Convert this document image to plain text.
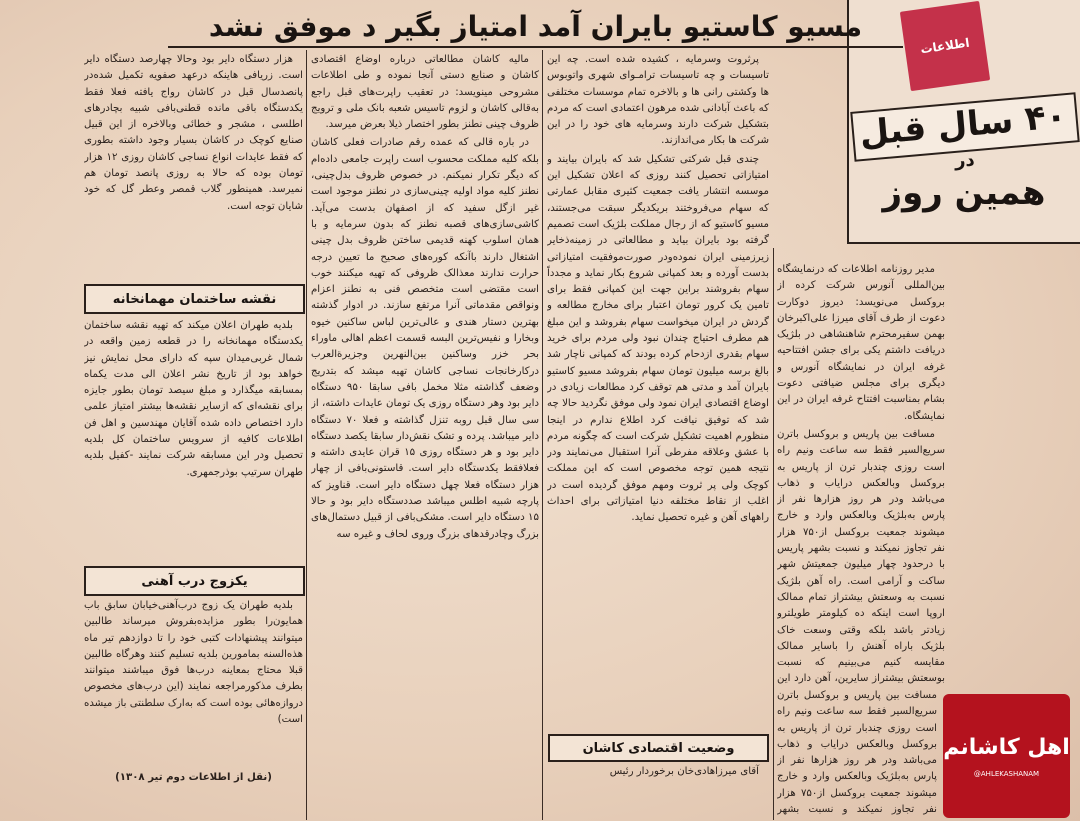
اطلاعات
۴۰ سال قبل
در
همین روز
مسیو کاستیو بایران آمد امتیاز بگیر د موفق نشد

مدیر روزنامه اطلاعات که درنمایشگاه بین‌المللی آنورس شرکت کرده از بروکسل می‌نویسد: دیروز دوکارت دعوت از طرف آقای میرزا علی‌اکبرخان بهمن سفیرمحترم شاهنشاهی در بلژیک دریافت داشتم یکی برای جشن افتتاحیه غرفه ایران در نمایشگاه آنورس و دیگری برای مجلس ضیافتی دعوت بشام بمناسبت افتتاح غرفه ایران در این نمایشگاه.

مسافت بین پاریس و بروکسل باترن سریع‌السیر فقط سه ساعت ونیم راه است روزی چندبار ترن از پاریس به بروکسل وبالعکس درایاب و ذهاب می‌باشد ودر هر روز هزارها نفر از پارس به‌بلژیک وبالعکس وارد و خارج میشوند جمعیت بروکسل از۷۵۰ هزار نفر تجاوز نمیکند و نسبت بشهر پاریس با درحدود چهار میلیون جمعیتش شهر ساکت و آرامی است. راه آهن بلژیک نسبت به وسعتش بیشتراز تمام ممالک اروپا است اینکه ده کیلومتر طویلترو زیادتر باشد بلکه وقتی وسعت خاک بلژیک باراه آهنش را باسایر ممالک مقایسه کنیم می‌بینیم که نسبت بوسعتش بیشتراز سایرین، آهن دارد این

مسافت بین پاریس و بروکسل باترن سریع‌السیر فقط سه ساعت ونیم راه است روزی چندبار ترن از پاریس به بروکسل وبالعکس درایاب و ذهاب می‌باشد ودر هر روز هزارها نفر از پارس به‌بلژیک وبالعکس وارد و خارج میشوند جمعیت بروکسل از۷۵۰ هزار نفر تجاوز نمیکند و نسبت بشهر

پرثروت وسرمایه ، کشیده شده است. چه این تاسیسات و چه تاسیسات ترامـوای شهری واتوبوس ها وکشتی رانی ها و بالاخره تمام موسسات مختلفی که باعث آبادانی شده مرهون اعتمادی است که مردم بتشکیل شرکت دارند وسرمایه های خود را در این شرکت ها بکار می‌اندازند.

چندی قبل شرکتی تشکیل شد که بایران بیایند و امتیازاتی تحصیل کنند روزی که اعلان تشکیل این موسسه انتشار یافت جمعیت کثیری مقابل عمارتی که سهام می‌فروختند بریکدیگر سبقت می‌جستند، مسیو کاستیو که از رجال مملکت بلژیک است تصمیم گرفته بود بایران بیاید و مطالعاتی در زمینه‌ذخایر زیرزمینی ایران نموده‌ودر صورت‌موفقیت امتیازاتی بدست آورده و بعد کمپانی شروع بکار نماید و مجدداً سهام بفروشند براین جهت این کمپانی فقط برای تامین یک کرور تومان اعتبار برای مخارج مطالعه و گردش در ایران میخواست سهام بفروشد و این مبلغ هم مطرف احتیاج چندان نبود ولی مردم برای خرید سهام بقدری ازدحام کرده بودند که کمپانی ناچار شد بالغ برسه میلیون تومان سهام بفروشد مسیو کاستیو بایران آمد و مدتی هم توقف کرد مطالعات زیادی در اوضاع اقتصادی ایران نمود ولی موفق نگردید حالا چه شد که توفیق نیافت کرد اطلاع ندارم در اینجا منظورم اهمیت تشکیل شرکت است که چگونه مردم با عشق وعلاقه مفرطی آنرا استقبال می‌نمایند ودر نتیجه همین توجه مخصوص است که این مملکت کوچک ولی پر ثروت ومهم موفق گردیده است در اغلب از نقاط مختلفه دنیا امتیازاتی برای احداث راههای آهن و غیره تحصیل نماید.

وضعیت اقتصادی کاشان

آقای میرزاهادی‌خان برخوردار رئیس

مالیه کاشان مطالعاتی درباره اوضاع اقتصادی کاشان و صنایع دستی آنجا نموده و طی اطلاعات مشروحی مینویسد: در تعقیب راپرت‌های قبل راجع به‌قالی کاشان و لزوم تاسیس شعبه بانک ملی و ترویج ظروف چینی نطنز بطور اختصار ذیلا بعرض میرسد.

در باره قالی که عمده رقم صادرات فعلی کاشان بلکه کلیه مملکت محسوب است راپرت جامعی داده‌ام که دیگر تکرار نمیکنم. در خصوص ظروف بدل‌چینی، نطنز کلیه مواد اولیه چینی‌سازی در نطنز موجود است غیر ازگل سفید که از اصفهان بدست می‌آید. کاشی‌سازی‌های قصبه نطنز که بدون سرمایه و با همان اسلوب کهنه قدیمی ساختن ظروف بدل چینی اشتغال دارند باآنکه کوره‌های صحیح ما تعیین درجه حرارت ندارند معذالک ظروفی که تهیه میکنند خوب است مقتضی است متخصص فنی به نطنز اعزام ونواقص مقدماتی آنرا مرتفع سازند. در ادوار گذشته بهترین دستار هندی و عالی‌ترین لباس ساکنین خیوه وبخارا و نفیس‌ترین البسه قسمت اعظم اهالی ماوراء بحر خزر وساکنین بین‌النهرین وجزیرة‌العرب درکارخانجات نساجی کاشان تهیه میشد که بتدریج وضعف گذاشته مثلا مخمل بافی سابقا ۹۵۰ دستگاه داير بود وهر دستگاه روزی یک تومان عایدات داشته، از سی سال قبل روبه تنزل گذاشته و فعلا ۷۰ دستگاه دایر میباشد. پرده و تشک نقش‌دار سابقا یکصد دستگاه دایر بود و هر دستگاه روزی ۱۵ قران عایدی داشته و فعلافقط یکدستگاه دایر است. قاستونی‌بافی از چهار هزار دستگاه فعلا چهل دستگاه دایر است. قناویز که پارچه شبیه اطلس میباشد صددستگاه دایر بود و حالا ۱۵ دستگاه دایر است. مشکی‌بافی از قبیل دستمال‌های بزرگ وچادرقدهای بزرگ وروی لحاف و غیره سه

هزار دستگاه دایر بود وحالا چهارصد دستگاه دایر است. زریافی هاینکه درعهد صفویه تکمیل شده‌در پانصدسال قبل در کاشان رواج یافته فعلا فقط یکدستگاه باقی مانده قطنی‌بافی شبیه بچادرهای اطلسی ، مشجر و خطائی وبالاخره از این قبیل صنایع کوچک در کاشان بسیار وجود داشته بطوری که فقط عایدات انواع نساجی کاشان روزی ۱۲ هزار تومان بوده که حالا به روزی پانصد تومان هم نمیرسد. همینطور گلاب قمصر وعطر گل که خود شایان توجه است.

نقشه ساختمان مهمانخانه

بلدیه طهران اعلان میکند که تهیه نقشه ساختمان یکدستگاه مهمانخانه را در قطعه زمین واقعه در شمال غربی‌میدان سپه که دارای محل نمایش نیز خواهد بود از تاریخ نشر اعلان الی مدت یکماه بمسابقه میگذارد و مبلغ سیصد تومان بطور جایزه برای نقشه‌ای که ازسایر نقشه‌ها بیشتر امتیاز علمی دارد اختصاص داده شده آقایان مهندسین و اهل فن اطلاعات کافیه از سرویس ساختمان کل بلدیه تحصیل ودر این مسابقه شرکت نمایند -کفیل بلدیه طهران سرتیپ بوذرجمهری.

یکزوج درب آهنی

بلدیه طهران یک زوج درب‌آهنی‌خیابان سابق باب همایون‌را بطور مزایده‌بفروش میرساند طالبین میتوانند پیشنهادات کتبی خود را تا دوازدهم تیر ماه هذه‌السنه بمامورین بلدیه تسلیم کنند وهرگاه طالبین قبلا محتاج بمعاینه درب‌ها فوق میباشند میتوانند بطرف مذکورمراجعه نمایند (این درب‌های مخصوص دروازه‌هائی بوده است که به‌ارک سلطنتی باز میشده است)

(نقل از اطلاعات دوم تیر ۱۳۰۸)
اهل کاشانم
@AHLEKASHANAM
